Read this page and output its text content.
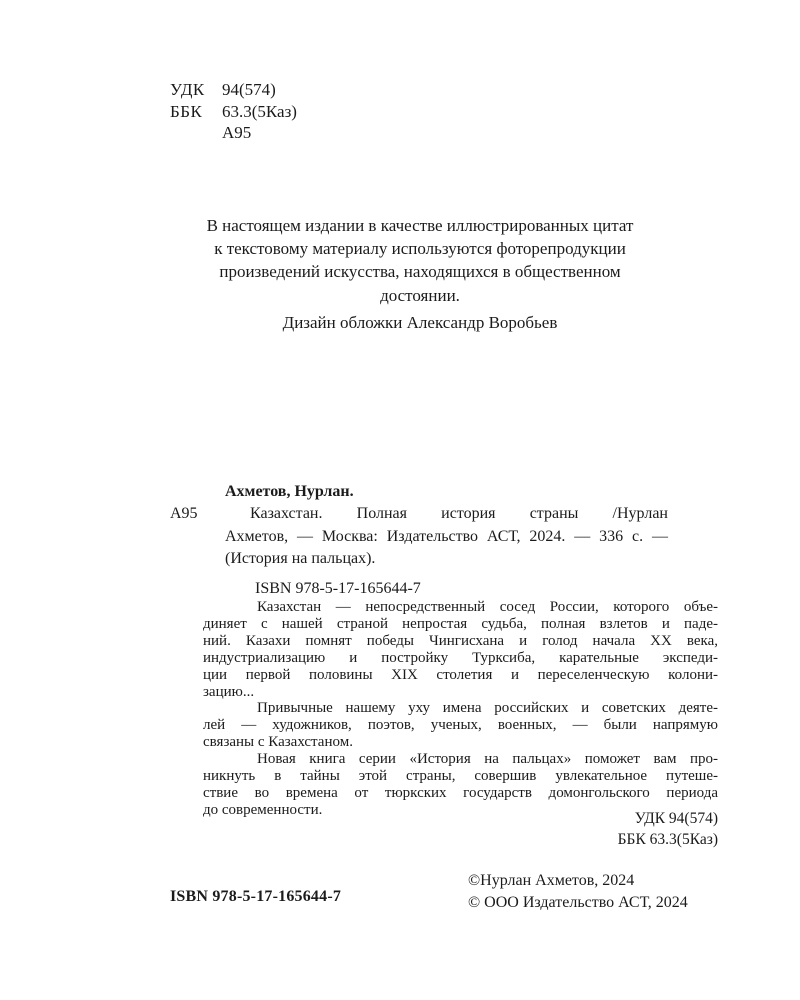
УДК 94(574)
ББК 63.3(5Каз)
А95
В настоящем издании в качестве иллюстрированных цитат
к текстовому материалу используются фоторепродукции
произведений искусства, находящихся в общественном
достоянии.
Дизайн обложки Александр Воробьев
Ахметов, Нурлан.
А95	Казахстан. Полная история страны /Нурлан
Ахметов, — Москва: Издательство АСТ, 2024. — 336 с. —
(История на пальцах).
ISBN 978-5-17-165644-7
Казахстан — непосредственный сосед России, которого объе-
диняет с нашей страной непростая судьба, полная взлетов и паде-
ний. Казахи помнят победы Чингисхана и голод начала XX века,
индустриализацию и постройку Турксиба, карательные экспеди-
ции первой половины XIX столетия и переселенческую колони-
зацию...
Привычные нашему уху имена российских и советских деяте-
лей — художников, поэтов, ученых, военных, — были напрямую
связаны с Казахстаном.
Новая книга серии «История на пальцах» поможет вам про-
никнуть в тайны этой страны, совершив увлекательное путеше-
ствие во времена от тюркских государств домонгольского периода
до современности.
УДК 94(574)
ББК 63.3(5Каз)
ISBN 978-5-17-165644-7
©Нурлан Ахметов, 2024
© ООО Издательство АСТ, 2024
